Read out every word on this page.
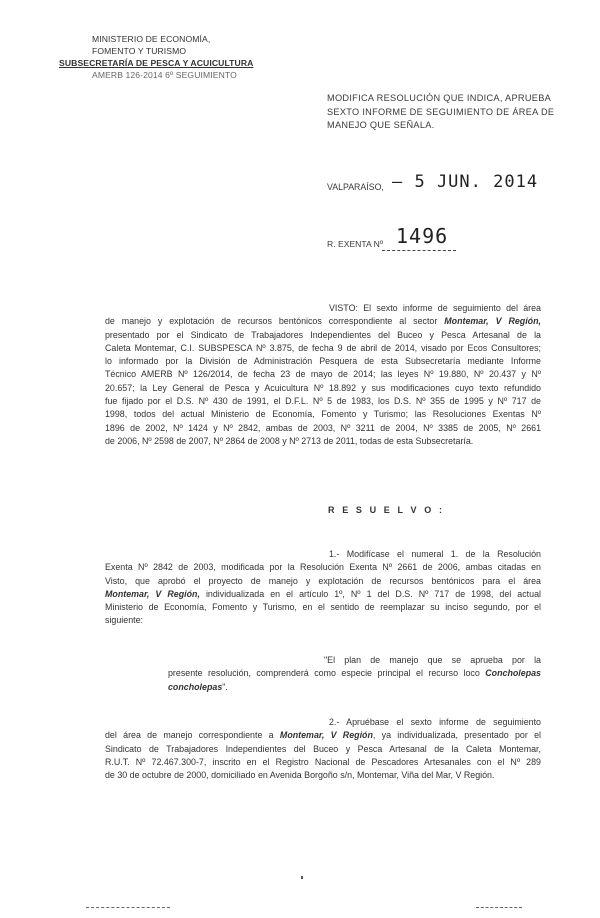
MINISTERIO DE ECONOMÍA,
FOMENTO Y TURISMO
SUBSECRETARÍA DE PESCA Y ACUICULTURA
AMERB 126-2014 6º SEGUIMIENTO
MODIFICA RESOLUCIÓN QUE INDICA, APRUEBA
SEXTO INFORME DE SEGUIMIENTO DE ÁREA DE
MANEJO QUE SEÑALA.
VALPARAÍSO, – 5 JUN. 2014
R. EXENTA Nº 1496
VISTO: El sexto informe de seguimiento del área
de manejo y explotación de recursos bentónicos correspondiente al sector Montemar, V Región,
presentado por el Sindicato de Trabajadores Independientes del Buceo y Pesca Artesanal de la
Caleta Montemar, C.I. SUBSPESCA Nº 3.875, de fecha 9 de abril de 2014, visado por Ecos Consultores;
lo informado por la División de Administración Pesquera de esta Subsecretaría mediante Informe
Técnico AMERB Nº 126/2014, de fecha 23 de mayo de 2014; las leyes Nº 19.880, Nº 20.437 y Nº
20.657; la Ley General de Pesca y Acuicultura Nº 18.892 y sus modificaciones cuyo texto refundido
fue fijado por el D.S. Nº 430 de 1991, el D.F.L. Nº 5 de 1983, los D.S. Nº 355 de 1995 y Nº 717 de
1998, todos del actual Ministerio de Economía, Fomento y Turismo; las Resoluciones Exentas Nº
1896 de 2002, Nº 1424 y Nº 2842, ambas de 2003, Nº 3211 de 2004, Nº 3385 de 2005, Nº 2661
de 2006, Nº 2598 de 2007, Nº 2864 de 2008 y Nº 2713 de 2011, todas de esta Subsecretaría.
R E S U E L V O :
1.- Modifícase el numeral 1. de la Resolución
Exenta Nº 2842 de 2003, modificada por la Resolución Exenta Nº 2661 de 2006, ambas citadas en
Visto, que aprobó el proyecto de manejo y explotación de recursos bentónicos para el área
Montemar, V Región, individualizada en el artículo 1º, Nº 1 del D.S. Nº 717 de 1998, del actual
Ministerio de Economía, Fomento y Turismo, en el sentido de reemplazar su inciso segundo, por el
siguiente:
"El plan de manejo que se aprueba por la
presente resolución, comprenderá como especie principal el recurso loco Concholepas
concholepas".
2.- Apruébase el sexto informe de seguimiento
del área de manejo correspondiente a Montemar, V Región, ya individualizada, presentado por el
Sindicato de Trabajadores Independientes del Buceo y Pesca Artesanal de la Caleta Montemar,
R.U.T. Nº 72.467.300-7, inscrito en el Registro Nacional de Pescadores Artesanales con el Nº 289
de 30 de octubre de 2000, domiciliado en Avenida Borgoño s/n, Montemar, Viña del Mar, V Región.
